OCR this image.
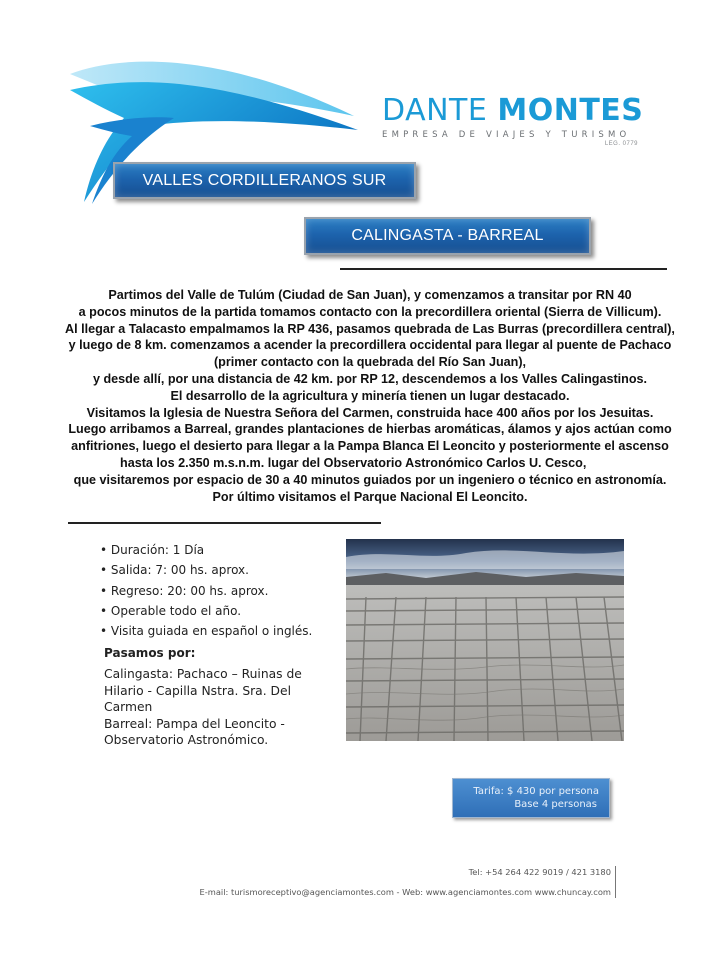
DANTE MONTES
EMPRESA DE VIAJES Y TURISMO
LEG. 0779
VALLES CORDILLERANOS SUR
CALINGASTA - BARREAL
Partimos del Valle de Tulúm (Ciudad de San Juan), y comenzamos a transitar por RN 40
a pocos minutos de la partida tomamos contacto con la precordillera oriental (Sierra de Villicum).
Al llegar a Talacasto empalmamos la RP 436, pasamos quebrada de Las Burras (precordillera central),
y luego de 8 km. comenzamos a acender la precordillera occidental para llegar al puente de Pachaco
(primer contacto con la quebrada del Río San Juan),
y desde allí, por una distancia de 42 km. por RP 12, descendemos a los Valles Calingastinos.
El desarrollo de la agricultura y minería tienen un lugar destacado.
Visitamos la Iglesia de Nuestra Señora del Carmen, construida hace 400 años por los Jesuitas.
Luego arribamos a Barreal, grandes plantaciones de hierbas aromáticas, álamos y ajos actúan como
anfitriones, luego el desierto para llegar a la Pampa Blanca El Leoncito y posteriormente el ascenso
hasta los 2.350 m.s.n.m. lugar del Observatorio Astronómico Carlos U. Cesco,
que visitaremos por espacio de 30 a 40 minutos guiados por un ingeniero o técnico en astronomía.
Por último visitamos el Parque Nacional El Leoncito.
• Duración: 1 Día
• Salida: 7: 00 hs. aprox.
• Regreso: 20: 00 hs. aprox.
• Operable todo el año.
• Visita guiada en español o inglés.
Pasamos por:
Calingasta: Pachaco – Ruinas de
Hilario - Capilla Nstra. Sra. Del
Carmen
Barreal: Pampa del Leoncito -
Observatorio Astronómico.
Tarifa: $ 430 por persona
Base 4 personas
Tel: +54 264 422 9019 / 421 3180
E-mail: turismoreceptivo@agenciamontes.com - Web: www.agenciamontes.com www.chuncay.com
